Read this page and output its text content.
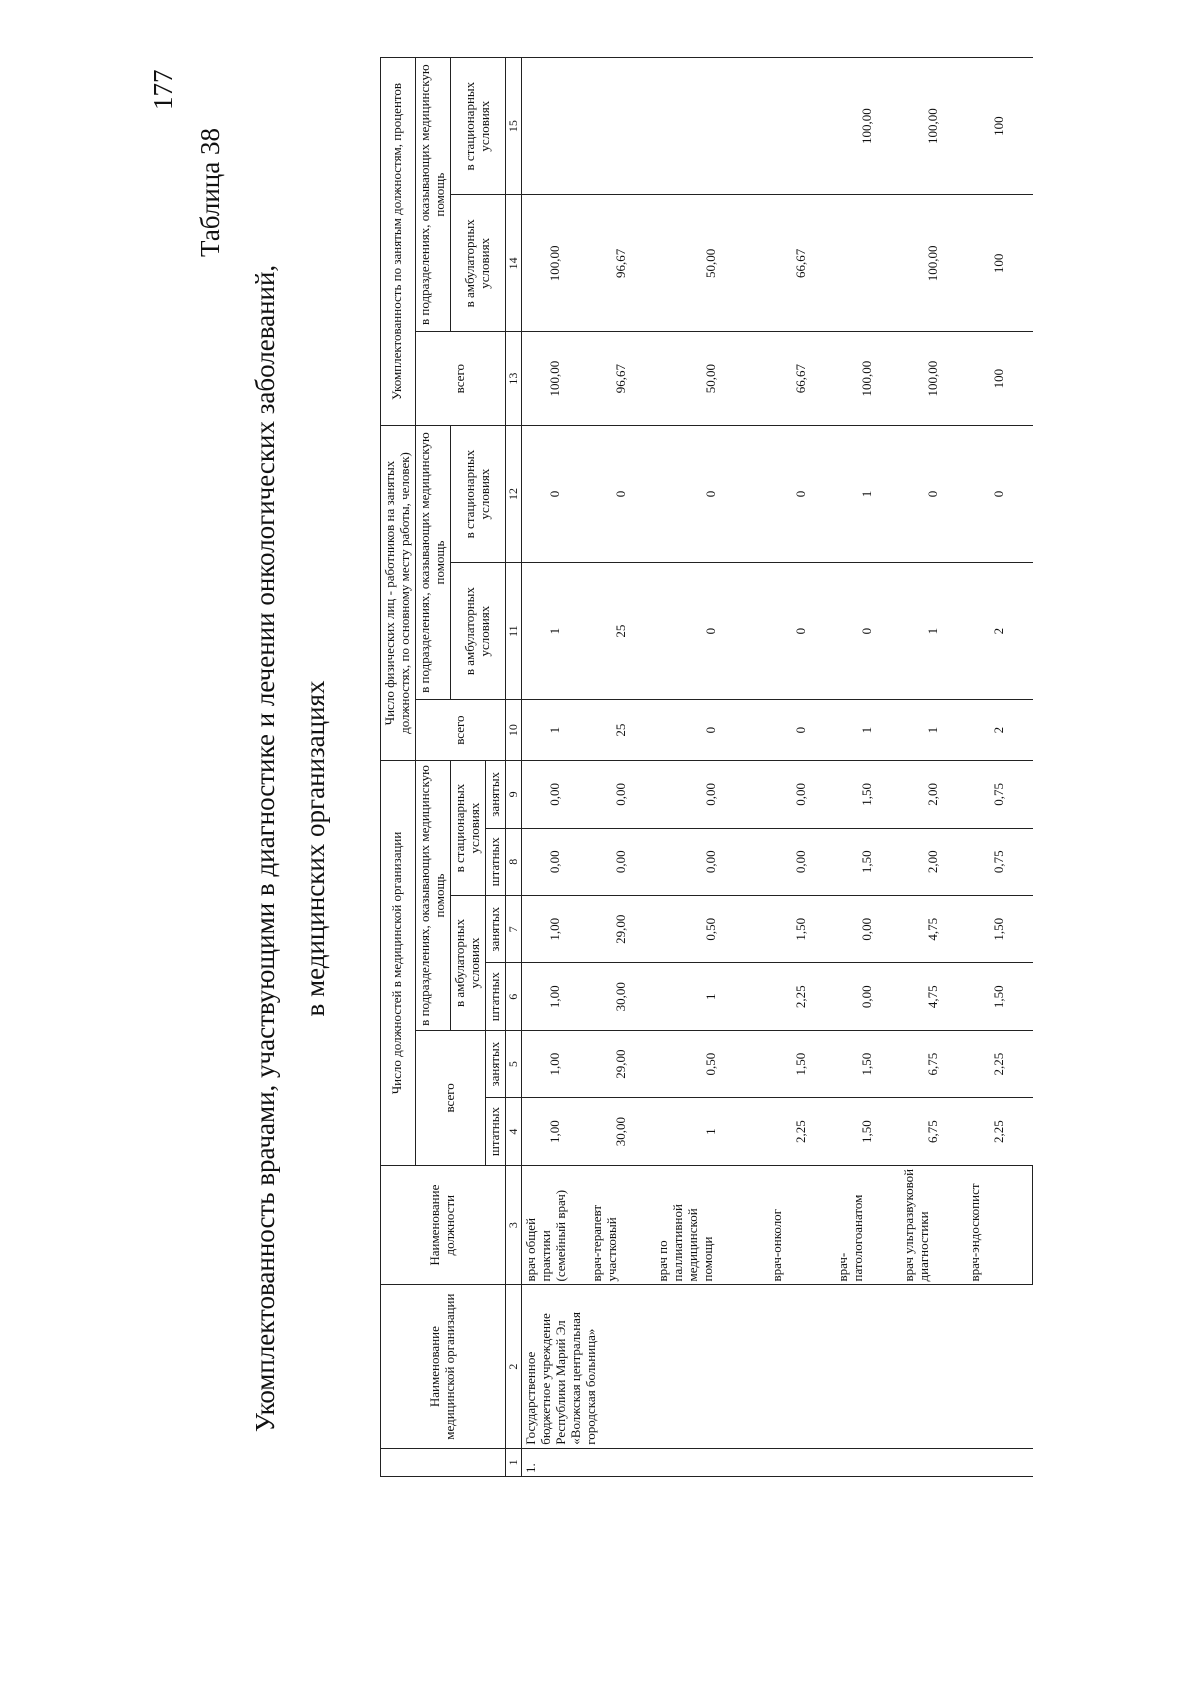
177
Таблица 38
Укомплектованность врачами, участвующими в диагностике и лечении онкологических заболеваний, в медицинских организациях
	Наименование медицинской организации	Наименование должности	Число должностей в медицинской организации						Число физических лиц - работников на занятых должностях, по основному месту работы, человек)			Укомплектованность по занятым должностям, процентов		
			всего		в подразделениях, оказывающих медицинскую помощь				всего	в подразделениях, оказывающих медицинскую помощь		всего	в подразделениях, оказывающих медицинскую помощь	
					в амбулаторных условиях		в стационарных условиях			в амбулаторных условиях	в стационарных условиях		в амбулаторных условиях	в стационарных условиях
			штатных	занятых	штатных	занятых	штатных	занятых						
1	2	3	4	5	6	7	8	9	10	11	12	13	14	15
1.	Государственное бюджетное учреждение Республики Марий Эл «Волжская центральная городская больница»	врач общей практики (семейный врач)	1,00	1,00	1,00	1,00	0,00	0,00	1	1	0	100,00	100,00	
		врач-терапевт участковый	30,00	29,00	30,00	29,00	0,00	0,00	25	25	0	96,67	96,67	
		врач по паллиативной медицинской помощи	1	0,50	1	0,50	0,00	0,00	0	0	0	50,00	50,00	
		врач-онколог	2,25	1,50	2,25	1,50	0,00	0,00	0	0	0	66,67	66,67	
		врач-патологоанатом	1,50	1,50	0,00	0,00	1,50	1,50	1	0	1	100,00		100,00
		врач ультразвуковой диагностики	6,75	6,75	4,75	4,75	2,00	2,00	1	1	0	100,00	100,00	100,00
		врач-эндоскопист	2,25	2,25	1,50	1,50	0,75	0,75	2	2	0	100	100	100
